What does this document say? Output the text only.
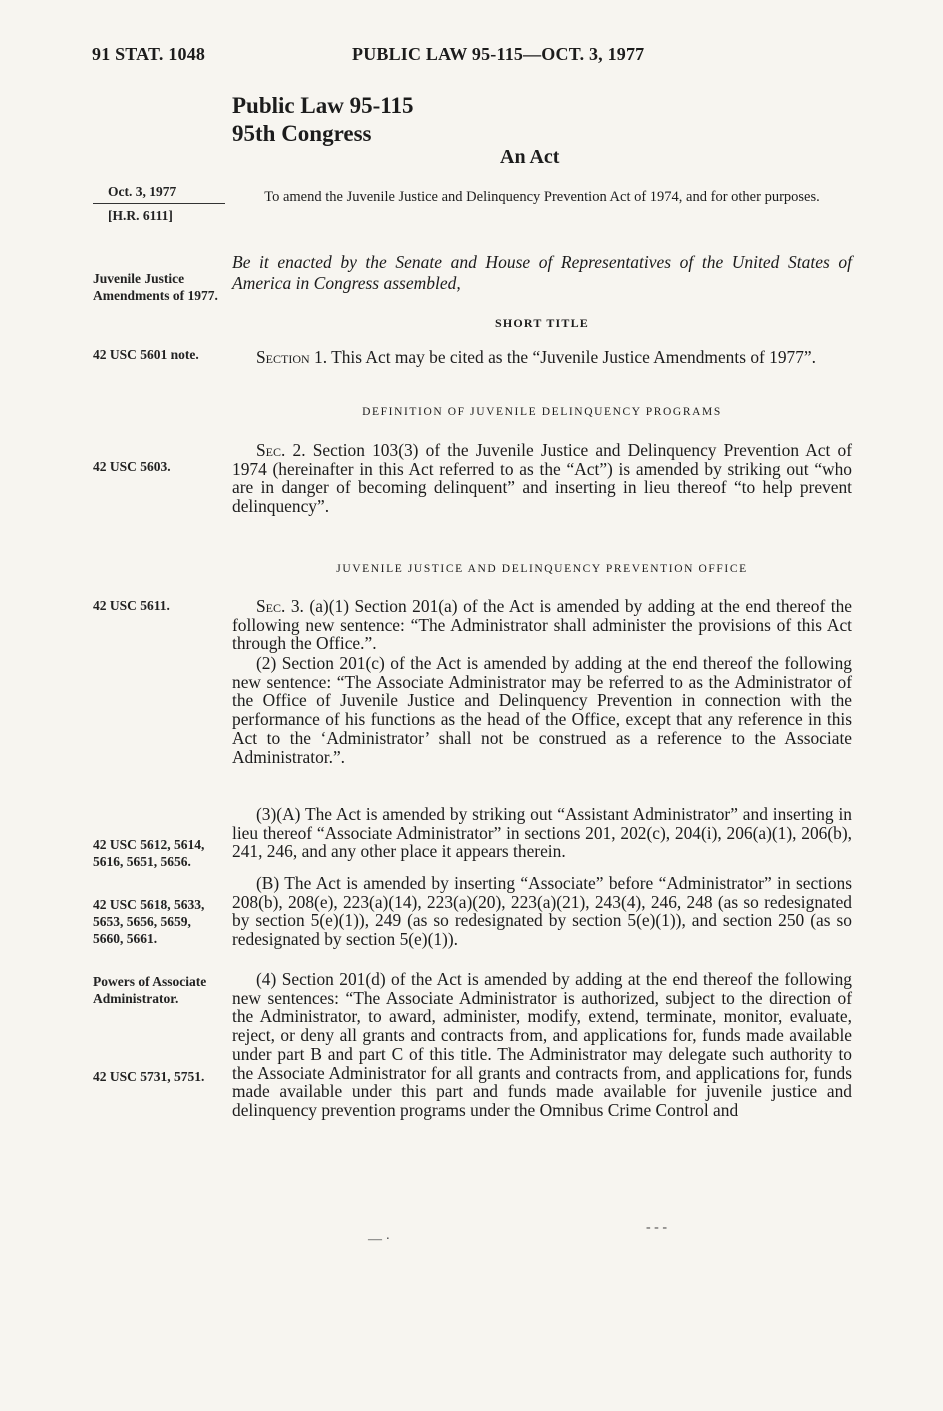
91 STAT. 1048	PUBLIC LAW 95-115—OCT. 3, 1977
Public Law 95-115
95th Congress
An Act
Oct. 3, 1977
[H.R. 6111]
To amend the Juvenile Justice and Delinquency Prevention Act of 1974, and for other purposes.
Be it enacted by the Senate and House of Representatives of the United States of America in Congress assembled,
Juvenile Justice Amendments of 1977.
42 USC 5601 note.
SHORT TITLE
Section 1. This Act may be cited as the “Juvenile Justice Amendments of 1977”.
DEFINITION OF JUVENILE DELINQUENCY PROGRAMS
42 USC 5603.
Sec. 2. Section 103(3) of the Juvenile Justice and Delinquency Prevention Act of 1974 (hereinafter in this Act referred to as the “Act”) is amended by striking out “who are in danger of becoming delinquent” and inserting in lieu thereof “to help prevent delinquency”.
JUVENILE JUSTICE AND DELINQUENCY PREVENTION OFFICE
42 USC 5611.	Sec. 3. (a)(1) Section 201(a) of the Act is amended by adding at the end thereof the following new sentence: “The Administrator shall administer the provisions of this Act through the Office.”.
(2) Section 201(c) of the Act is amended by adding at the end thereof the following new sentence: “The Associate Administrator may be referred to as the Administrator of the Office of Juvenile Justice and Delinquency Prevention in connection with the performance of his functions as the head of the Office, except that any reference in this Act to the ‘Administrator’ shall not be construed as a reference to the Associate Administrator.”.
(3)(A) The Act is amended by striking out “Assistant Administrator” and inserting in lieu thereof “Associate Administrator” in sections 201, 202(c), 204(i), 206(a)(1), 206(b), 241, 246, and any other place it appears therein.
42 USC 5612, 5614, 5616, 5651, 5656.
(B) The Act is amended by inserting “Associate” before “Administrator” in sections 208(b), 208(e), 223(a)(14), 223(a)(20), 223(a)(21), 243(4), 246, 248 (as so redesignated by section 5(e)(1)), 249 (as so redesignated by section 5(e)(1)), and section 250 (as so redesignated by section 5(e)(1)).
42 USC 5618, 5633, 5653, 5656, 5659, 5660, 5661.
Powers of Associate Administrator.
(4) Section 201(d) of the Act is amended by adding at the end thereof the following new sentences: “The Associate Administrator is authorized, subject to the direction of the Administrator, to award, administer, modify, extend, terminate, monitor, evaluate, reject, or deny all grants and contracts from, and applications for, funds made available under part B and part C of this title. The Administrator may delegate such authority to the Associate Administrator for all grants and contracts from, and applications for, funds made available under this part and funds made available for juvenile justice and delinquency prevention programs under the Omnibus Crime Control and
42 USC 5731, 5751.
— ·
- - -
